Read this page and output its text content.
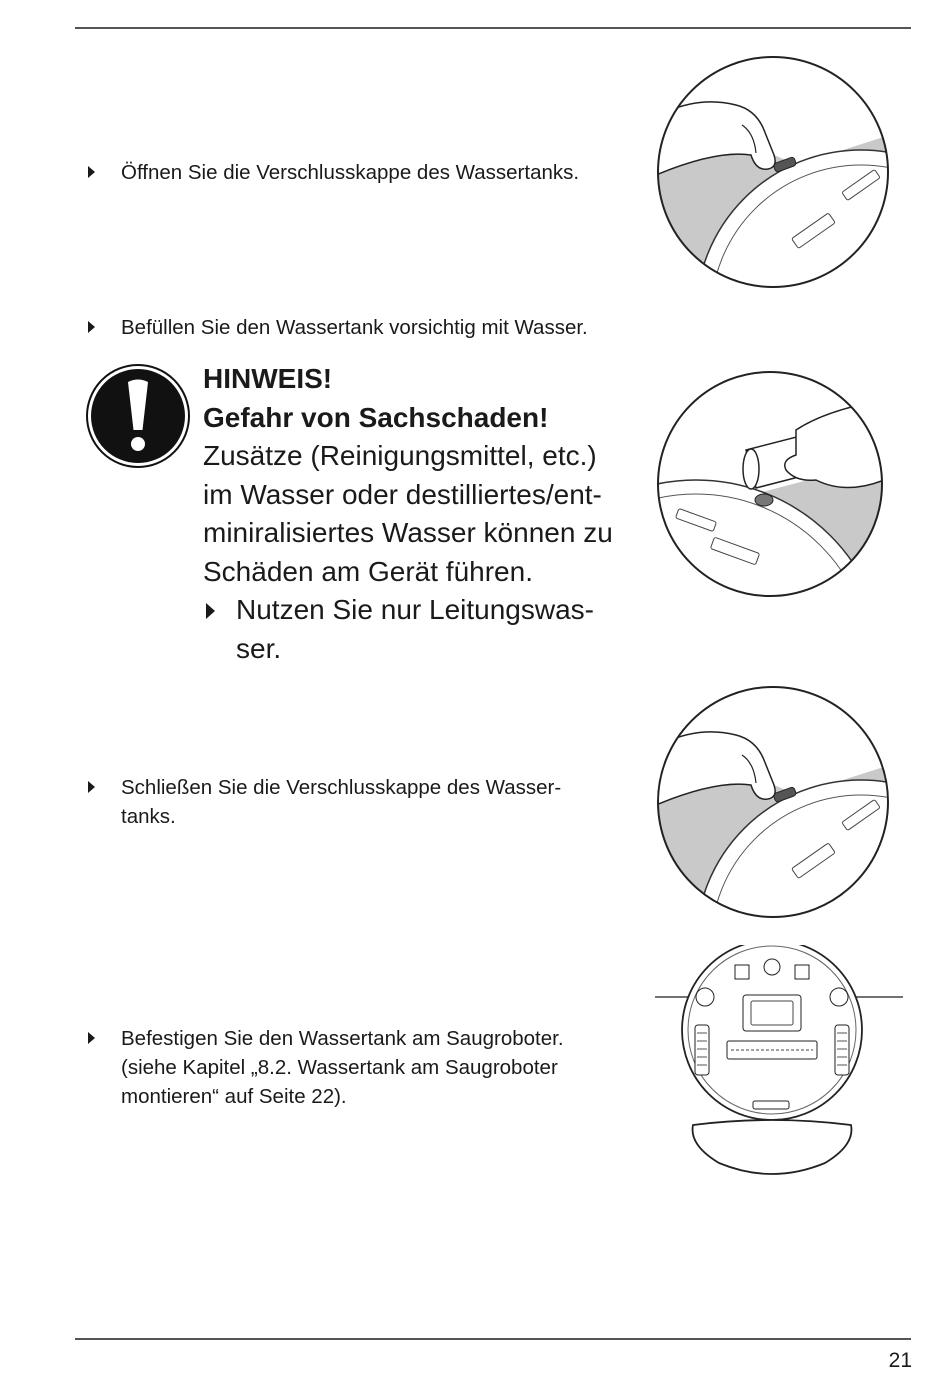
Öffnen Sie die Verschlusskappe des Wassertanks.
Befüllen Sie den Wassertank vorsichtig mit Wasser.
HINWEIS!
Gefahr von Sachschaden!
Zusätze (Reinigungsmittel, etc.)
im Wasser oder destilliertes/ent-
miniralisiertes Wasser können zu
Schäden am Gerät führen.
Nutzen Sie nur Leitungswas-
ser.
Schließen Sie die Verschlusskappe des Wasser-
tanks.
Befestigen Sie den Wassertank am Saugroboter.
(siehe Kapitel „8.2. Wassertank am Saugroboter
montieren“ auf Seite 22).
21
